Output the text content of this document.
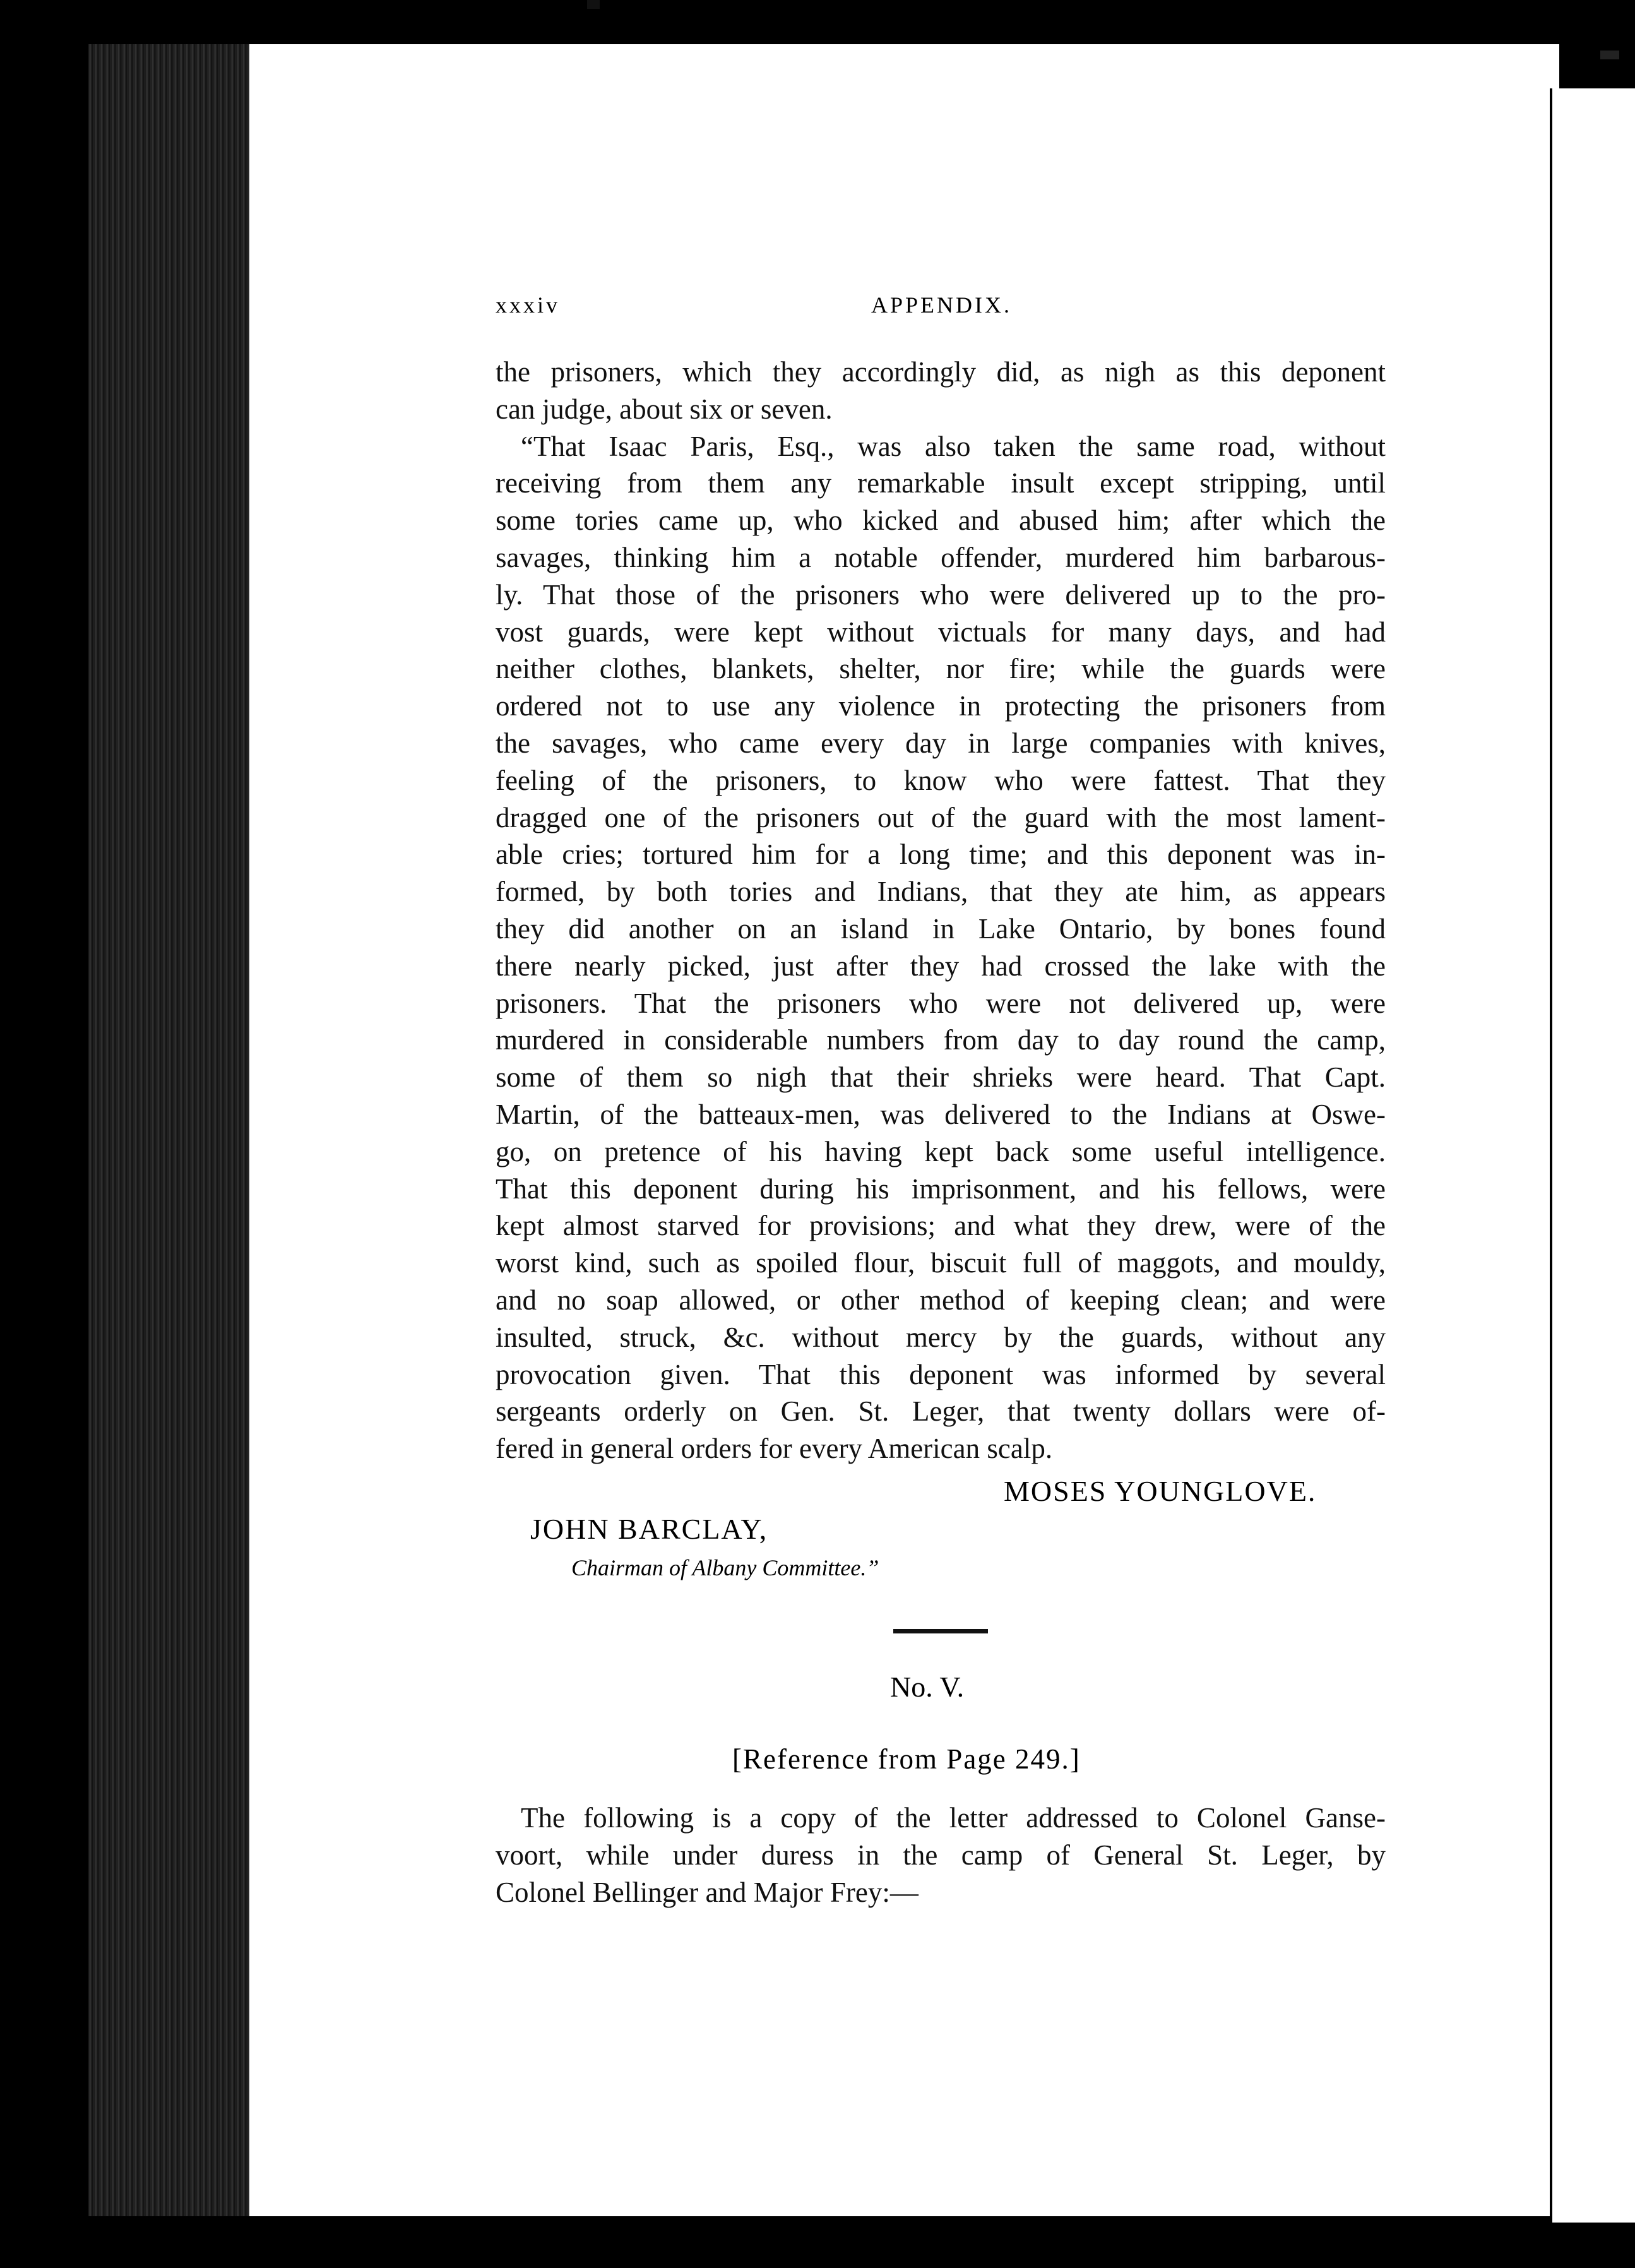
xxxiv	APPENDIX.
the prisoners, which they accordingly did, as nigh as this deponent
can judge, about six or seven.
“That Isaac Paris, Esq., was also taken the same road, without
receiving from them any remarkable insult except stripping, until
some tories came up, who kicked and abused him; after which the
savages, thinking him a notable offender, murdered him barbarous-
ly. That those of the prisoners who were delivered up to the pro-
vost guards, were kept without victuals for many days, and had
neither clothes, blankets, shelter, nor fire; while the guards were
ordered not to use any violence in protecting the prisoners from
the savages, who came every day in large companies with knives,
feeling of the prisoners, to know who were fattest. That they
dragged one of the prisoners out of the guard with the most lament-
able cries; tortured him for a long time; and this deponent was in-
formed, by both tories and Indians, that they ate him, as appears
they did another on an island in Lake Ontario, by bones found
there nearly picked, just after they had crossed the lake with the
prisoners. That the prisoners who were not delivered up, were
murdered in considerable numbers from day to day round the camp,
some of them so nigh that their shrieks were heard. That Capt.
Martin, of the batteaux-men, was delivered to the Indians at Oswe-
go, on pretence of his having kept back some useful intelligence.
That this deponent during his imprisonment, and his fellows, were
kept almost starved for provisions; and what they drew, were of the
worst kind, such as spoiled flour, biscuit full of maggots, and mouldy,
and no soap allowed, or other method of keeping clean; and were
insulted, struck, &c. without mercy by the guards, without any
provocation given. That this deponent was informed by several
sergeants orderly on Gen. St. Leger, that twenty dollars were of-
fered in general orders for every American scalp.
MOSES YOUNGLOVE.
JOHN BARCLAY,
Chairman of Albany Committee.”
No. V.
[Reference from Page 249.]
The following is a copy of the letter addressed to Colonel Ganse-
voort, while under duress in the camp of General St. Leger, by
Colonel Bellinger and Major Frey:—
